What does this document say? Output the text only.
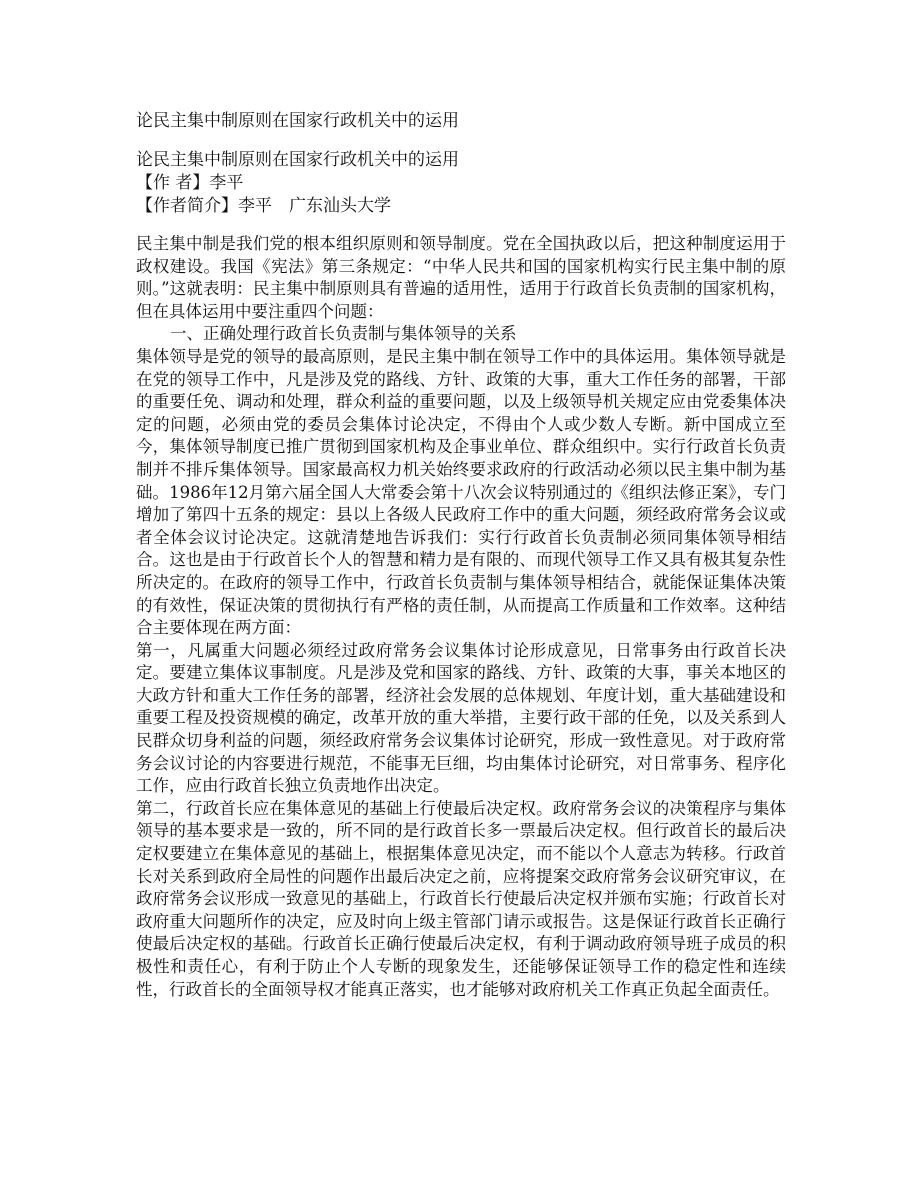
论民主集中制原则在国家行政机关中的运用
论民主集中制原则在国家行政机关中的运用
【作 者】李平
【作者简介】李平　广东汕头大学

民主集中制是我们党的根本组织原则和领导制度。党在全国执政以后，把这种制度运用于政权建设。我国《宪法》第三条规定：“中华人民共和国的国家机构实行民主集中制的原则。”这就表明：民主集中制原则具有普遍的适用性，适用于行政首长负责制的国家机构，但在具体运用中要注重四个问题：

一、正确处理行政首长负责制与集体领导的关系

集体领导是党的领导的最高原则，是民主集中制在领导工作中的具体运用。集体领导就是在党的领导工作中，凡是涉及党的路线、方针、政策的大事，重大工作任务的部署，干部的重要任免、调动和处理，群众利益的重要问题，以及上级领导机关规定应由党委集体决定的问题，必须由党的委员会集体讨论决定，不得由个人或少数人专断。新中国成立至今，集体领导制度已推广贯彻到国家机构及企事业单位、群众组织中。实行行政首长负责制并不排斥集体领导。国家最高权力机关始终要求政府的行政活动必须以民主集中制为基础。1986年12月第六届全国人大常委会第十八次会议特别通过的《组织法修正案》，专门增加了第四十五条的规定：县以上各级人民政府工作中的重大问题，须经政府常务会议或者全体会议讨论决定。这就清楚地告诉我们：实行行政首长负责制必须同集体领导相结合。这也是由于行政首长个人的智慧和精力是有限的、而现代领导工作又具有极其复杂性所决定的。在政府的领导工作中，行政首长负责制与集体领导相结合，就能保证集体决策的有效性，保证决策的贯彻执行有严格的责任制，从而提高工作质量和工作效率。这种结合主要体现在两方面：

第一，凡属重大问题必须经过政府常务会议集体讨论形成意见，日常事务由行政首长决定。要建立集体议事制度。凡是涉及党和国家的路线、方针、政策的大事，事关本地区的大政方针和重大工作任务的部署，经济社会发展的总体规划、年度计划，重大基础建设和重要工程及投资规模的确定，改革开放的重大举措，主要行政干部的任免，以及关系到人民群众切身利益的问题，须经政府常务会议集体讨论研究，形成一致性意见。对于政府常务会议讨论的内容要进行规范，不能事无巨细，均由集体讨论研究，对日常事务、程序化工作，应由行政首长独立负责地作出决定。

第二，行政首长应在集体意见的基础上行使最后决定权。政府常务会议的决策程序与集体领导的基本要求是一致的，所不同的是行政首长多一票最后决定权。但行政首长的最后决定权要建立在集体意见的基础上，根据集体意见决定，而不能以个人意志为转移。行政首长对关系到政府全局性的问题作出最后决定之前，应将提案交政府常务会议研究审议，在政府常务会议形成一致意见的基础上，行政首长行使最后决定权并颁布实施；行政首长对政府重大问题所作的决定，应及时向上级主管部门请示或报告。这是保证行政首长正确行使最后决定权的基础。行政首长正确行使最后决定权，有利于调动政府领导班子成员的积极性和责任心，有利于防止个人专断的现象发生，还能够保证领导工作的稳定性和连续性，行政首长的全面领导权才能真正落实，也才能够对政府机关工作真正负起全面责任。
